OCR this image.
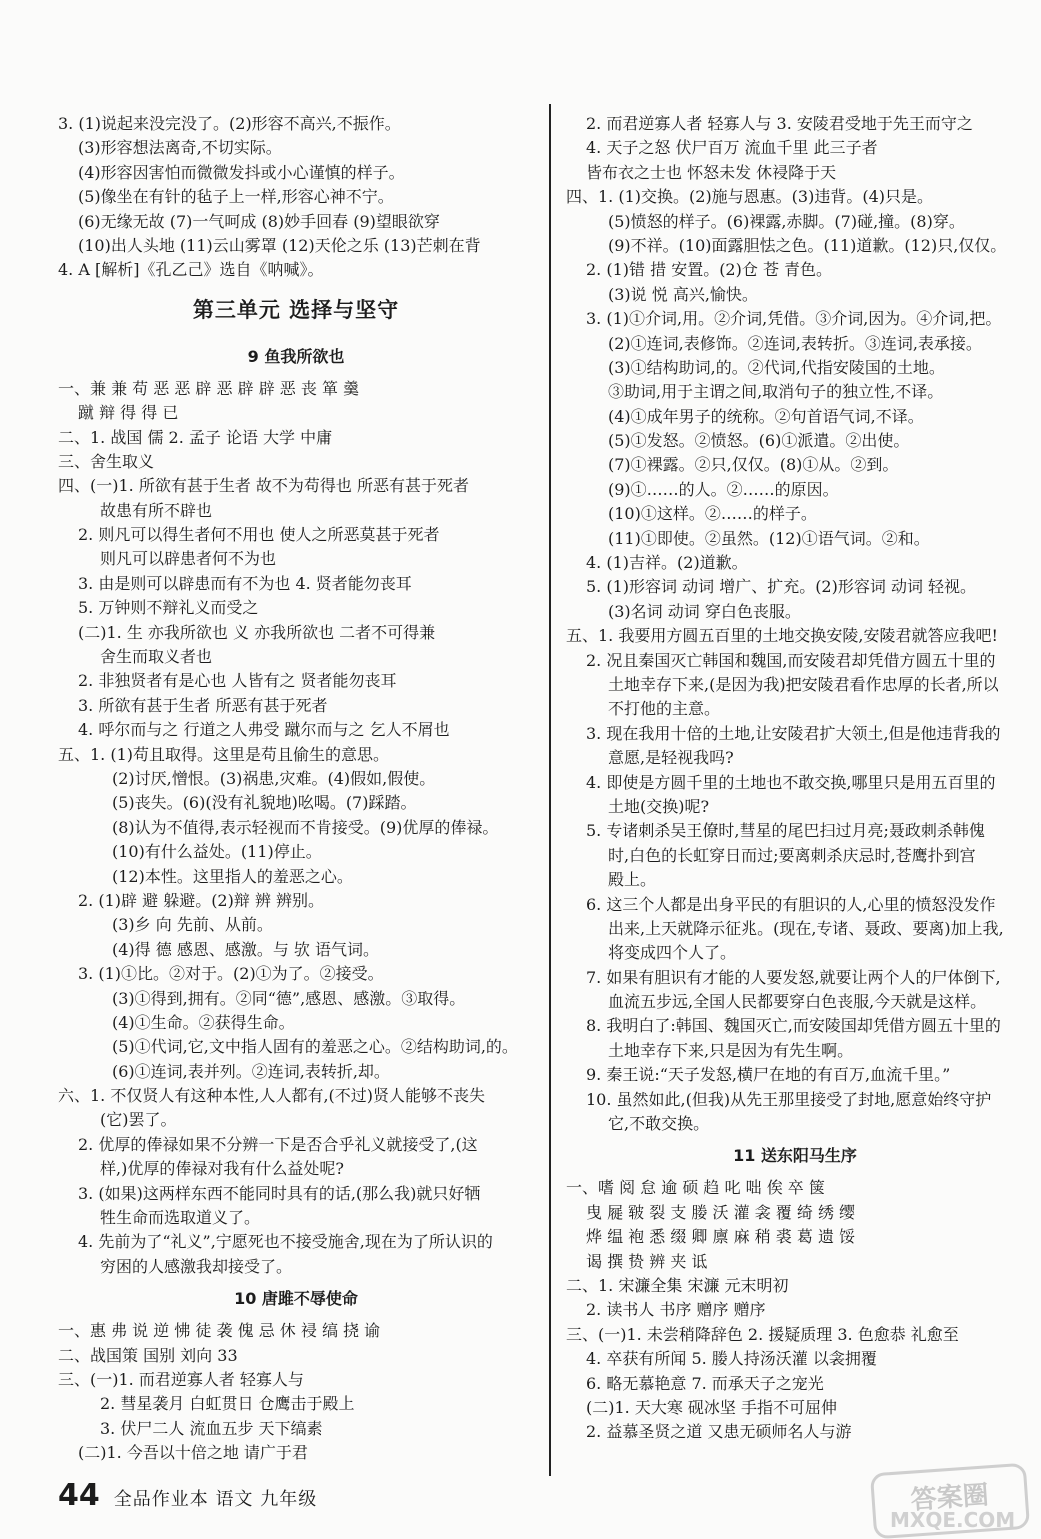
3. (1)说起来没完没了。(2)形容不高兴,不振作。
(3)形容想法离奇,不切实际。
(4)形容因害怕而微微发抖或小心谨慎的样子。
(5)像坐在有针的毡子上一样,形容心神不宁。
(6)无缘无故 (7)一气呵成 (8)妙手回春 (9)望眼欲穿
(10)出人头地 (11)云山雾罩 (12)天伦之乐 (13)芒刺在背
4. A [解析]《孔乙己》选自《呐喊》。
第三单元 选择与坚守
9 鱼我所欲也
一、兼 兼 苟 恶 恶 辟 恶 辟 辟 恶 丧 箪 羹
蹴 辩 得 得 已
二、1. 战国 儒 2. 孟子 论语 大学 中庸
三、舍生取义
四、(一)1. 所欲有甚于生者 故不为苟得也 所恶有甚于死者
故患有所不辟也
2. 则凡可以得生者何不用也 使人之所恶莫甚于死者
则凡可以辟患者何不为也
3. 由是则可以辟患而有不为也 4. 贤者能勿丧耳
5. 万钟则不辩礼义而受之
(二)1. 生 亦我所欲也 义 亦我所欲也 二者不可得兼
舍生而取义者也
2. 非独贤者有是心也 人皆有之 贤者能勿丧耳
3. 所欲有甚于生者 所恶有甚于死者
4. 呼尔而与之 行道之人弗受 蹴尔而与之 乞人不屑也
五、1. (1)苟且取得。这里是苟且偷生的意思。
(2)讨厌,憎恨。(3)祸患,灾难。(4)假如,假使。
(5)丧失。(6)(没有礼貌地)吆喝。(7)踩踏。
(8)认为不值得,表示轻视而不肯接受。(9)优厚的俸禄。
(10)有什么益处。(11)停止。
(12)本性。这里指人的羞恶之心。
2. (1)辟 避 躲避。(2)辩 辨 辨别。
(3)乡 向 先前、从前。
(4)得 德 感恩、感激。与 欤 语气词。
3. (1)①比。②对于。(2)①为了。②接受。
(3)①得到,拥有。②同“德”,感恩、感激。③取得。
(4)①生命。②获得生命。
(5)①代词,它,文中指人固有的羞恶之心。②结构助词,的。
(6)①连词,表并列。②连词,表转折,却。
六、1. 不仅贤人有这种本性,人人都有,(不过)贤人能够不丧失
(它)罢了。
2. 优厚的俸禄如果不分辨一下是否合乎礼义就接受了,(这
样,)优厚的俸禄对我有什么益处呢?
3. (如果)这两样东西不能同时具有的话,(那么我)就只好牺
牲生命而选取道义了。
4. 先前为了“礼义”,宁愿死也不接受施舍,现在为了所认识的
穷困的人感激我却接受了。
10 唐雎不辱使命
一、惠 弗 说 逆 怫 徒 袭 傀 忌 休 祲 缟 挠 谕
二、战国策 国别 刘向 33
三、(一)1. 而君逆寡人者 轻寡人与
2. 彗星袭月 白虹贯日 仓鹰击于殿上
3. 伏尸二人 流血五步 天下缟素
(二)1. 今吾以十倍之地 请广于君
2. 而君逆寡人者 轻寡人与 3. 安陵君受地于先王而守之
4. 天子之怒 伏尸百万 流血千里 此三子者
皆布衣之士也 怀怒未发 休祲降于天
四、1. (1)交换。(2)施与恩惠。(3)违背。(4)只是。
(5)愤怒的样子。(6)裸露,赤脚。(7)碰,撞。(8)穿。
(9)不祥。(10)面露胆怯之色。(11)道歉。(12)只,仅仅。
2. (1)错 措 安置。(2)仓 苍 青色。
(3)说 悦 高兴,愉快。
3. (1)①介词,用。②介词,凭借。③介词,因为。④介词,把。
(2)①连词,表修饰。②连词,表转折。③连词,表承接。
(3)①结构助词,的。②代词,代指安陵国的土地。
③助词,用于主谓之间,取消句子的独立性,不译。
(4)①成年男子的统称。②句首语气词,不译。
(5)①发怒。②愤怒。(6)①派遣。②出使。
(7)①裸露。②只,仅仅。(8)①从。②到。
(9)①……的人。②……的原因。
(10)①这样。②……的样子。
(11)①即使。②虽然。(12)①语气词。②和。
4. (1)吉祥。(2)道歉。
5. (1)形容词 动词 增广、扩充。(2)形容词 动词 轻视。
(3)名词 动词 穿白色丧服。
五、1. 我要用方圆五百里的土地交换安陵,安陵君就答应我吧!
2. 况且秦国灭亡韩国和魏国,而安陵君却凭借方圆五十里的
土地幸存下来,(是因为我)把安陵君看作忠厚的长者,所以
不打他的主意。
3. 现在我用十倍的土地,让安陵君扩大领土,但是他违背我的
意愿,是轻视我吗?
4. 即使是方圆千里的土地也不敢交换,哪里只是用五百里的
土地(交换)呢?
5. 专诸刺杀吴王僚时,彗星的尾巴扫过月亮;聂政刺杀韩傀
时,白色的长虹穿日而过;要离刺杀庆忌时,苍鹰扑到宫
殿上。
6. 这三个人都是出身平民的有胆识的人,心里的愤怒没发作
出来,上天就降示征兆。(现在,专诸、聂政、要离)加上我,
将变成四个人了。
7. 如果有胆识有才能的人要发怒,就要让两个人的尸体倒下,
血流五步远,全国人民都要穿白色丧服,今天就是这样。
8. 我明白了:韩国、魏国灭亡,而安陵国却凭借方圆五十里的
土地幸存下来,只是因为有先生啊。
9. 秦王说:“天子发怒,横尸在地的有百万,血流千里。”
10. 虽然如此,(但我)从先王那里接受了封地,愿意始终守护
它,不敢交换。
11 送东阳马生序
一、嗜 阅 怠 逾 硕 趋 叱 咄 俟 卒 箧
曳 屣 皲 裂 支 媵 沃 灌 衾 覆 绮 绣 缨
烨 缊 袍 悉 缀 卿 廪 麻 稍 裘 葛 遗 馁
谒 撰 贽 辨 夹 诋
二、1. 宋濂全集 宋濂 元末明初
2. 读书人 书序 赠序 赠序
三、(一)1. 未尝稍降辞色 2. 援疑质理 3. 色愈恭 礼愈至
4. 卒获有所闻 5. 媵人持汤沃灌 以衾拥覆
6. 略无慕艳意 7. 而承天子之宠光
(二)1. 天大寒 砚冰坚 手指不可屈伸
2. 益慕圣贤之道 又患无硕师名人与游
44 全品作业本 语文 九年级	答案圈
MXQE.COM
